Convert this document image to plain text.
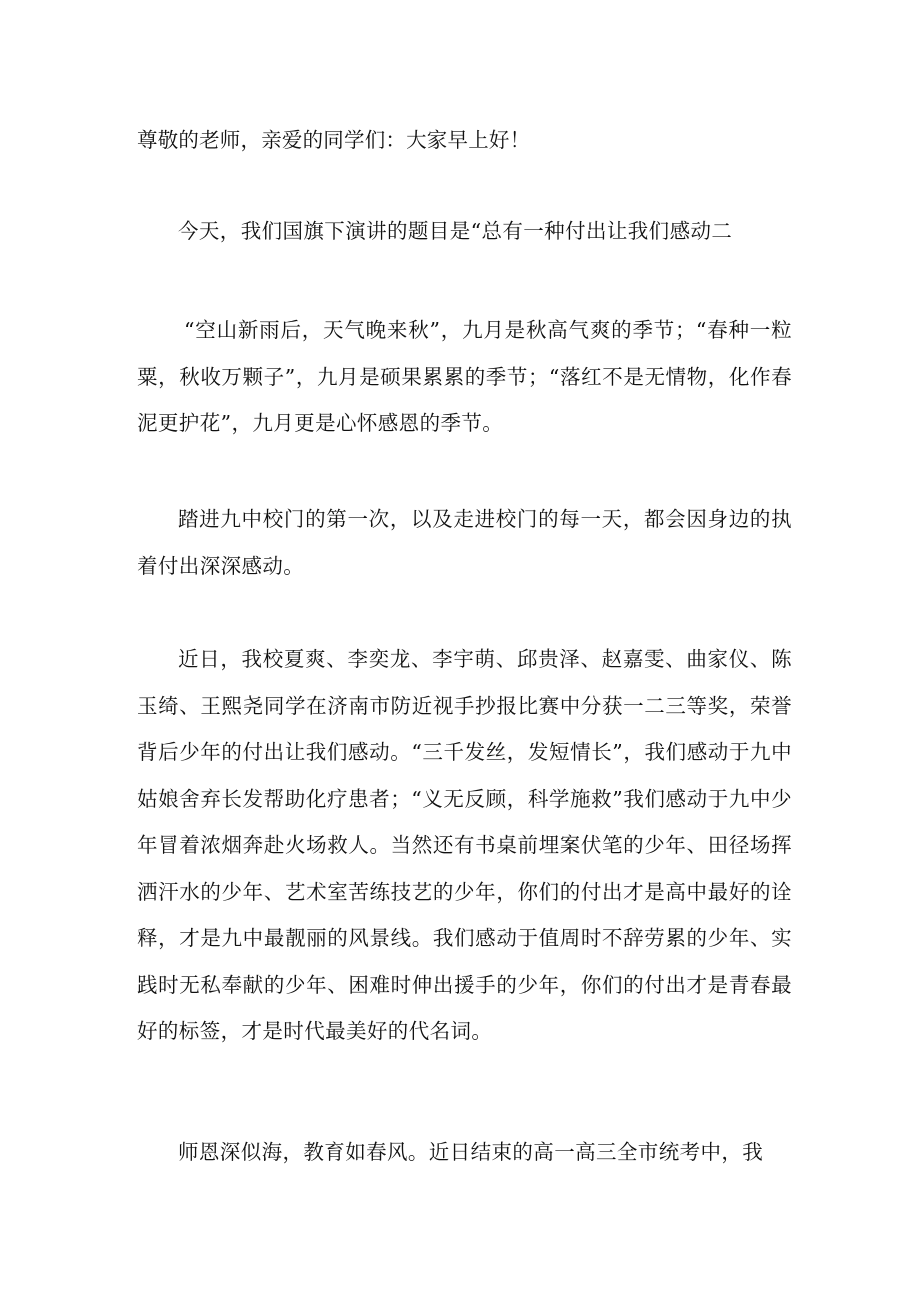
尊敬的老师，亲爱的同学们：大家早上好！

今天，我们国旗下演讲的题目是“总有一种付出让我们感动二

“空山新雨后，天气晚来秋”，九月是秋高气爽的季节；“春种一粒粟，秋收万颗子”，九月是硕果累累的季节；“落红不是无情物，化作春泥更护花”，九月更是心怀感恩的季节。

踏进九中校门的第一次，以及走进校门的每一天，都会因身边的执着付出深深感动。

近日，我校夏爽、李奕龙、李宇萌、邱贵泽、赵嘉雯、曲家仪、陈玉绮、王熙尧同学在济南市防近视手抄报比赛中分获一二三等奖，荣誉背后少年的付出让我们感动。“三千发丝，发短情长”，我们感动于九中姑娘舍弃长发帮助化疗患者；“义无反顾，科学施救”我们感动于九中少年冒着浓烟奔赴火场救人。当然还有书桌前埋案伏笔的少年、田径场挥洒汗水的少年、艺术室苦练技艺的少年，你们的付出才是高中最好的诠释，才是九中最靓丽的风景线。我们感动于值周时不辞劳累的少年、实践时无私奉献的少年、困难时伸出援手的少年，你们的付出才是青春最好的标签，才是时代最美好的代名词。

师恩深似海，教育如春风。近日结束的高一高三全市统考中，我
